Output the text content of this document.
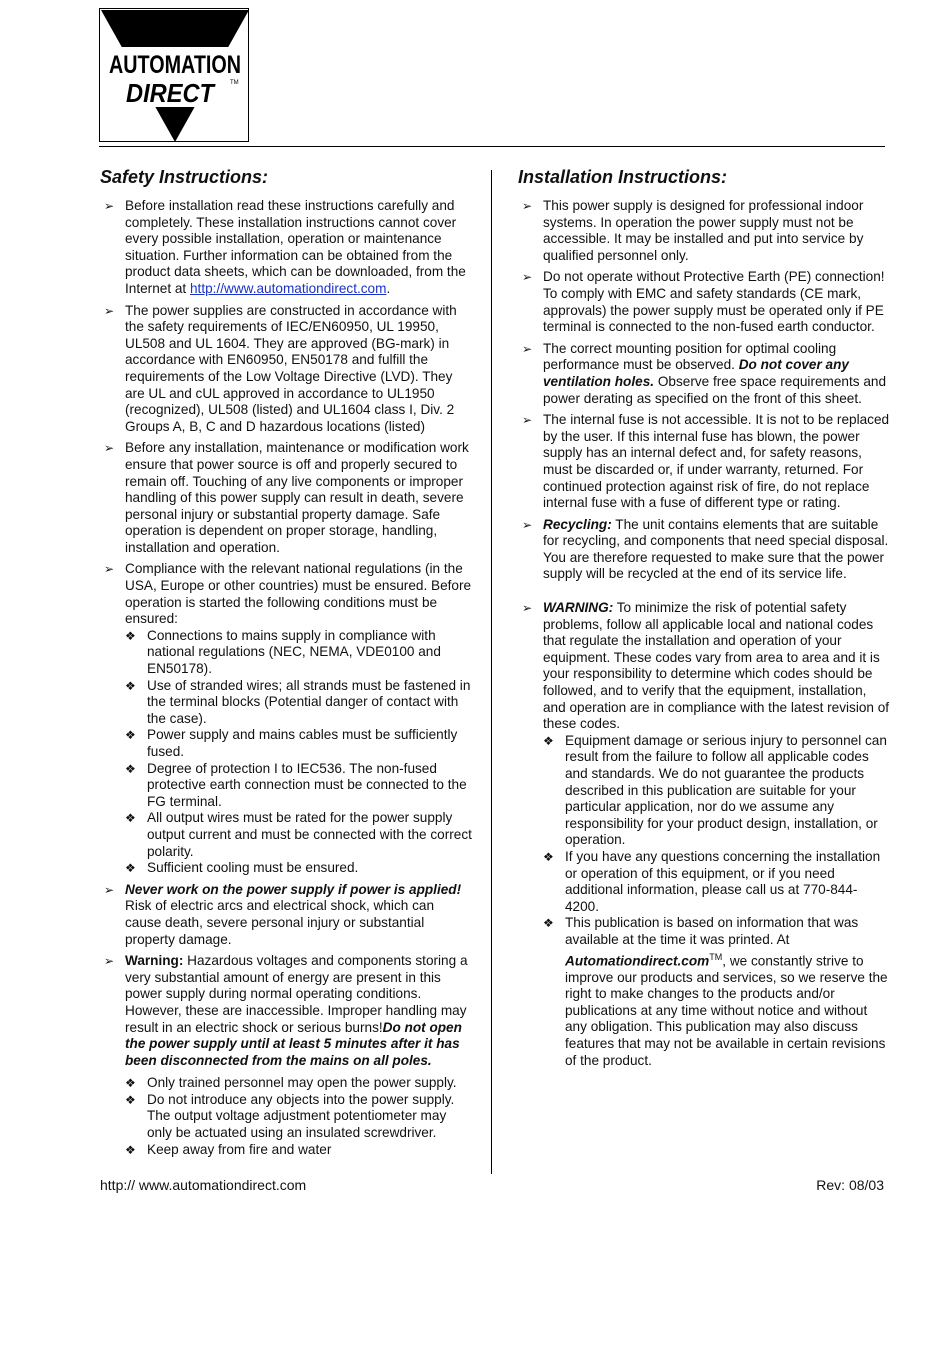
AUTOMATION
DIRECT TM
Safety Instructions:
➢ Before installation read these instructions carefully and completely. These installation instructions cannot cover every possible installation, operation or maintenance situation. Further information can be obtained from the product data sheets, which can be downloaded, from the Internet at http://www.automationdirect.com.
➢ The power supplies are constructed in accordance with the safety requirements of IEC/EN60950, UL 19950, UL508 and UL 1604. They are approved (BG-mark) in accordance with EN60950, EN50178 and fulfill the requirements of the Low Voltage Directive (LVD). They are UL and cUL approved in accordance to UL1950 (recognized), UL508 (listed) and UL1604 class I, Div. 2 Groups A, B, C and D hazardous locations (listed)
➢ Before any installation, maintenance or modification work ensure that power source is off and properly secured to remain off. Touching of any live components or improper handling of this power supply can result in death, severe personal injury or substantial property damage. Safe operation is dependent on proper storage, handling, installation and operation.
➢ Compliance with the relevant national regulations (in the USA, Europe or other countries) must be ensured. Before operation is started the following conditions must be ensured:
❖ Connections to mains supply in compliance with national regulations (NEC, NEMA, VDE0100 and EN50178).
❖ Use of stranded wires; all strands must be fastened in the terminal blocks (Potential danger of contact with the case).
❖ Power supply and mains cables must be sufficiently fused.
❖ Degree of protection I to IEC536. The non-fused protective earth connection must be connected to the FG terminal.
❖ All output wires must be rated for the power supply output current and must be connected with the correct polarity.
❖ Sufficient cooling must be ensured.
➢ Never work on the power supply if power is applied! Risk of electric arcs and electrical shock, which can cause death, severe personal injury or substantial property damage.
➢ Warning: Hazardous voltages and components storing a very substantial amount of energy are present in this power supply during normal operating conditions. However, these are inaccessible. Improper handling may result in an electric shock or serious burns!Do not open the power supply until at least 5 minutes after it has been disconnected from the mains on all poles.
❖ Only trained personnel may open the power supply.
❖ Do not introduce any objects into the power supply. The output voltage adjustment potentiometer may only be actuated using an insulated screwdriver.
❖ Keep away from fire and water
Installation Instructions:
➢ This power supply is designed for professional indoor systems. In operation the power supply must not be accessible. It may be installed and put into service by qualified personnel only.
➢ Do not operate without Protective Earth (PE) connection! To comply with EMC and safety standards (CE mark, approvals) the power supply must be operated only if PE terminal is connected to the non-fused earth conductor.
➢ The correct mounting position for optimal cooling performance must be observed. Do not cover any ventilation holes. Observe free space requirements and power derating as specified on the front of this sheet.
➢ The internal fuse is not accessible. It is not to be replaced by the user. If this internal fuse has blown, the power supply has an internal defect and, for safety reasons, must be discarded or, if under warranty, returned. For continued protection against risk of fire, do not replace internal fuse with a fuse of different type or rating.
➢ Recycling: The unit contains elements that are suitable for recycling, and components that need special disposal. You are therefore requested to make sure that the power supply will be recycled at the end of its service life.
➢ WARNING: To minimize the risk of potential safety problems, follow all applicable local and national codes that regulate the installation and operation of your equipment. These codes vary from area to area and it is your responsibility to determine which codes should be followed, and to verify that the equipment, installation, and operation are in compliance with the latest revision of these codes.
❖ Equipment damage or serious injury to personnel can result from the failure to follow all applicable codes and standards. We do not guarantee the products described in this publication are suitable for your particular application, nor do we assume any responsibility for your product design, installation, or operation.
❖ If you have any questions concerning the installation or operation of this equipment, or if you need additional information, please call us at 770-844-4200.
❖ This publication is based on information that was available at the time it was printed. At Automationdirect.com™, we constantly strive to improve our products and services, so we reserve the right to make changes to the products and/or publications at any time without notice and without any obligation. This publication may also discuss features that may not be available in certain revisions of the product.
http:// www.automationdirect.com	Rev: 08/03
